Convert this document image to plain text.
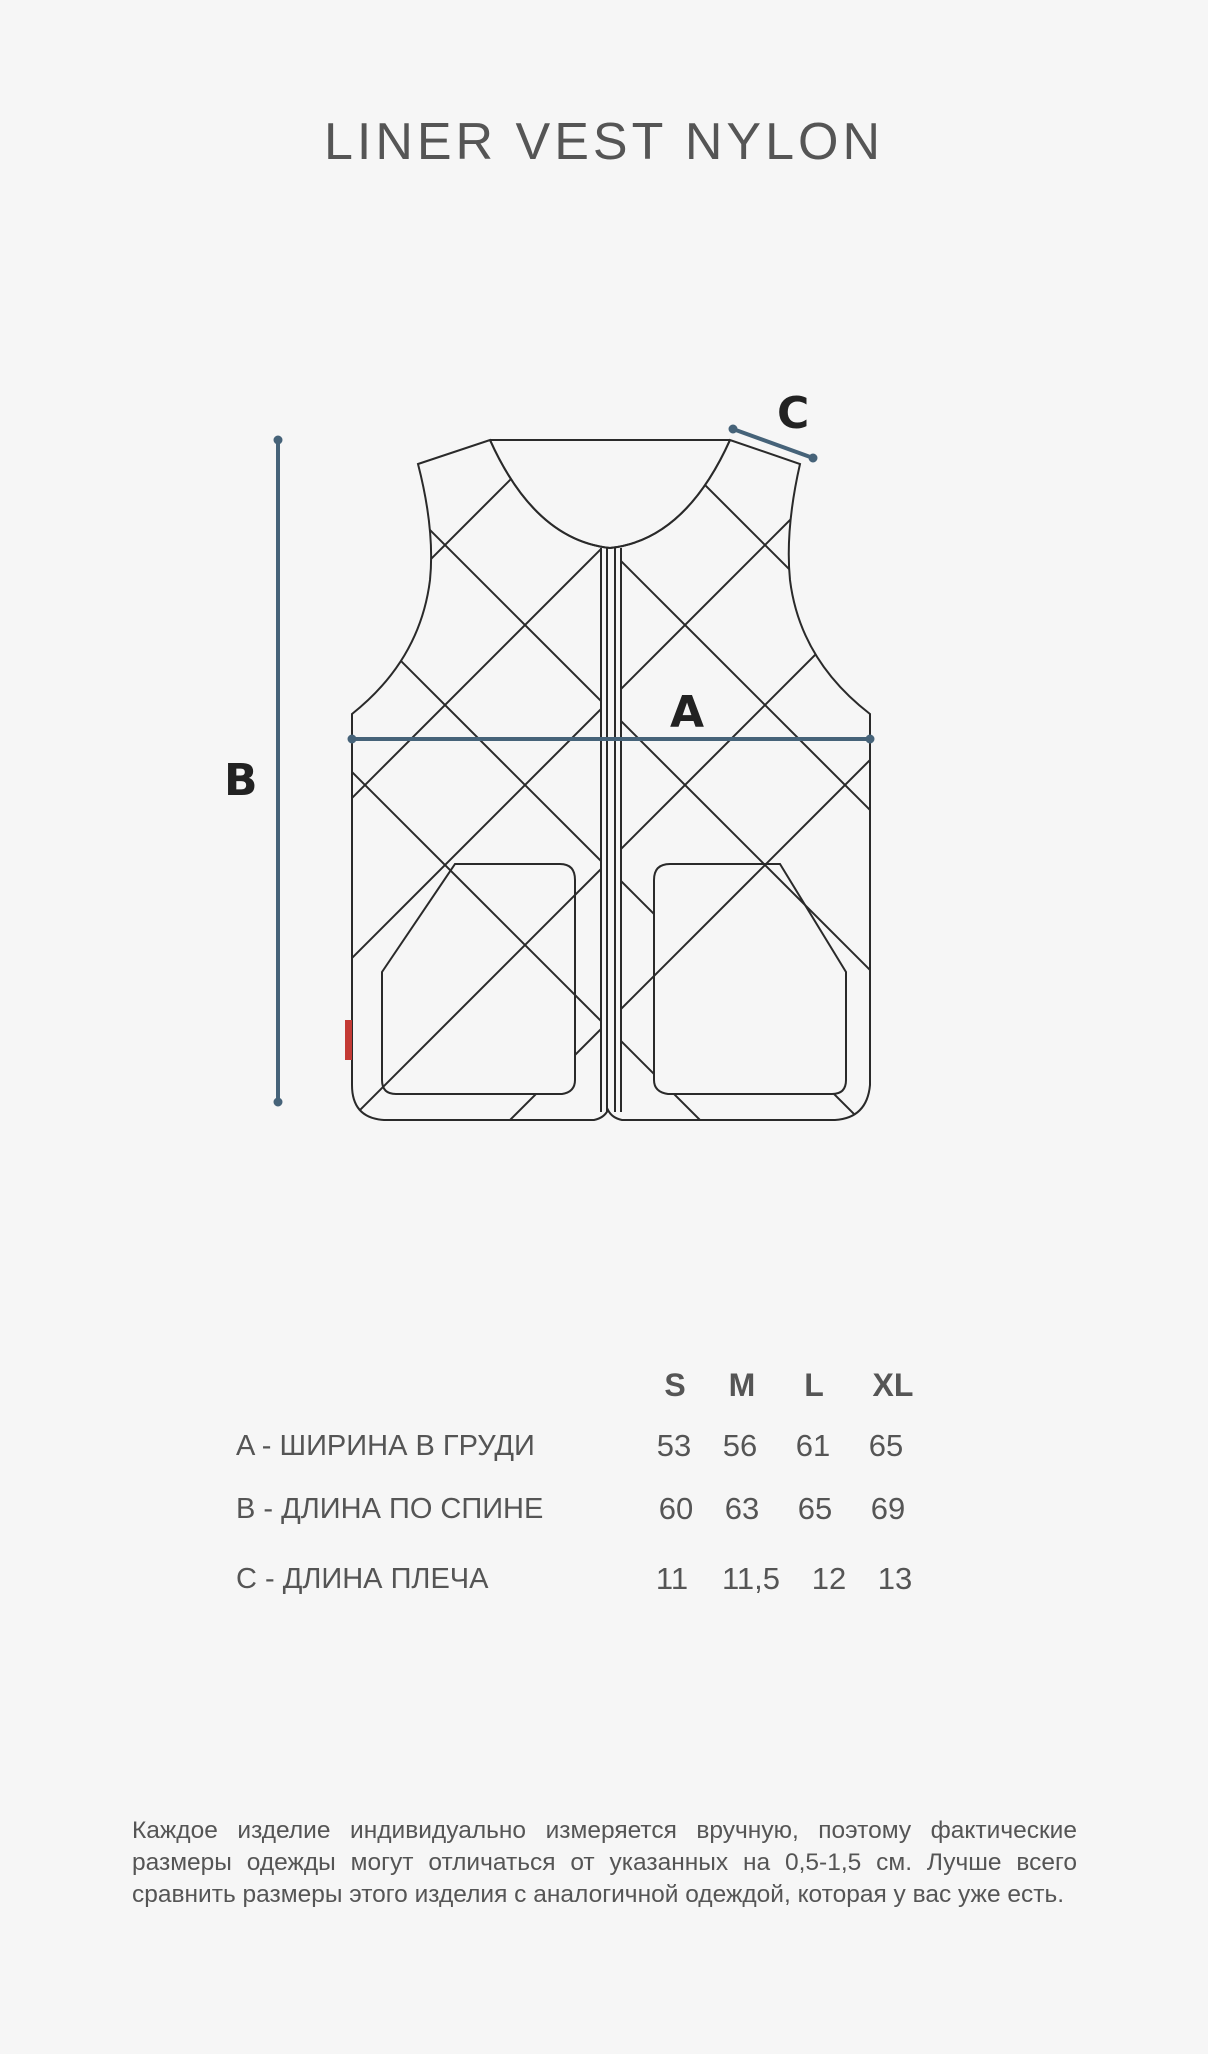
LINER VEST NYLON
A
B
C
S	M	L	XL
A - ШИРИНА В ГРУДИ	53	56	61	65
B - ДЛИНА ПО СПИНЕ	60	63	65	69
C - ДЛИНА ПЛЕЧА	11	11,5	12	13
Каждое изделие индивидуально измеряется вручную, поэтому фактические размеры одежды могут отличаться от указанных на 0,5-1,5 см. Лучше всего сравнить размеры этого изделия с аналогичной одеждой, которая у вас уже есть.
